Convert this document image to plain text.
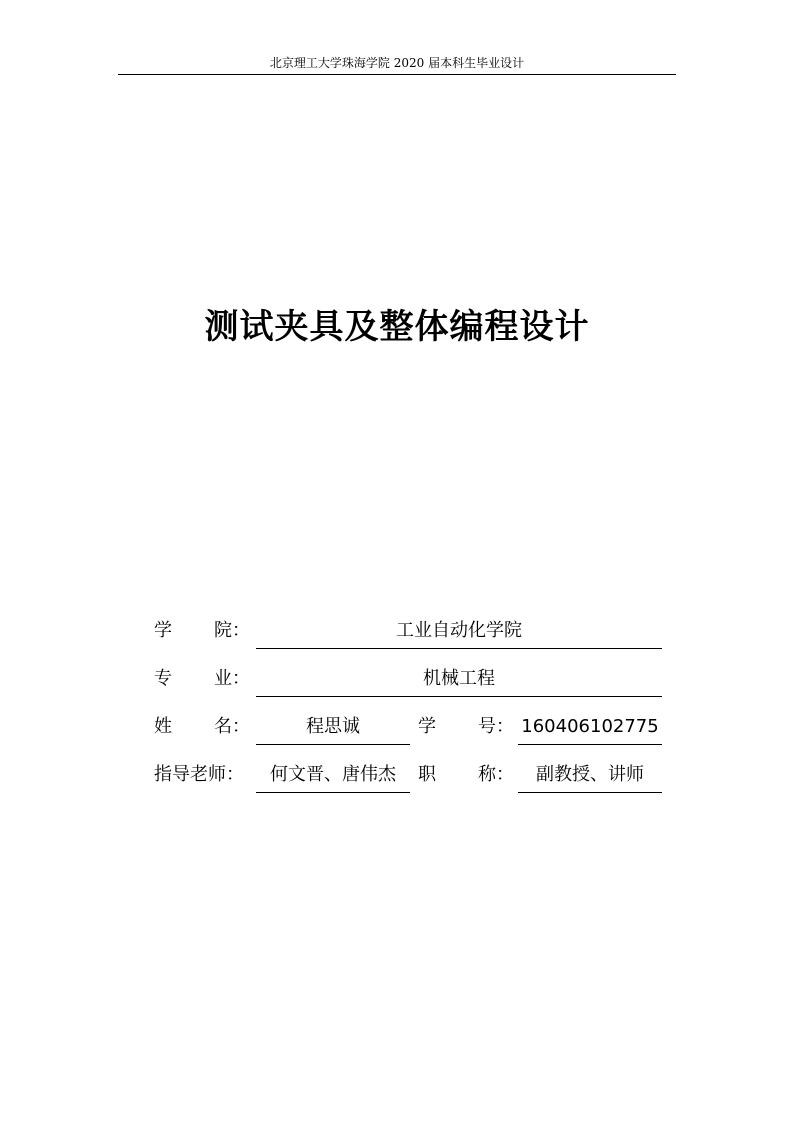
北京理工大学珠海学院 2020 届本科生毕业设计
测试夹具及整体编程设计
学 院：	工业自动化学院
专 业：	机械工程
姓 名：	程思诚	学 号： 160406102775
指导老师：	何文晋、唐伟杰	职 称：	副教授、讲师
